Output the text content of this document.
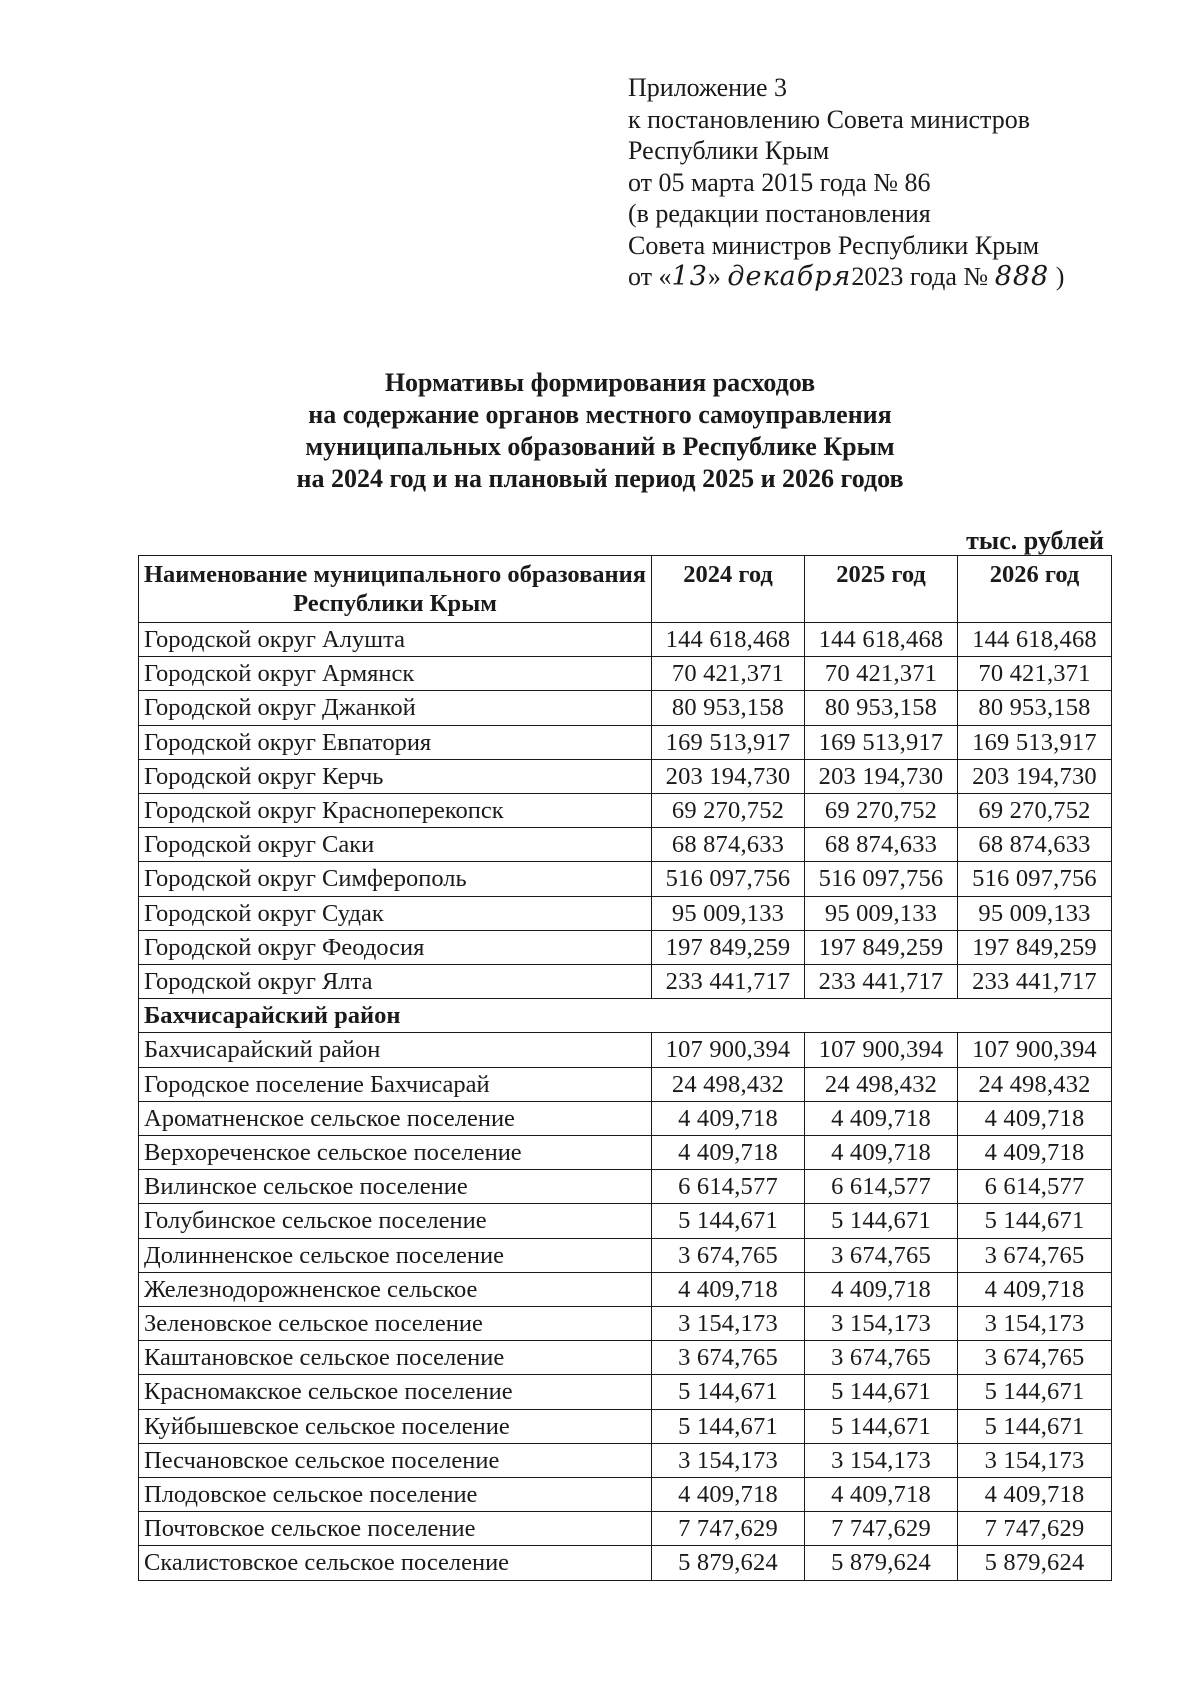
Приложение 3
к постановлению Совета министров
Республики Крым
от 05 марта 2015 года № 86
(в редакции постановления
Совета министров Республики Крым
от «13» декабря2023 года № 888 )
Нормативы формирования расходов
на содержание органов местного самоуправления
муниципальных образований в Республике Крым
на 2024 год и на плановый период 2025 и 2026 годов
тыс. рублей
Наименование муниципального образования Республики Крым	2024 год	2025 год	2026 год
Городской округ Алушта	144 618,468	144 618,468	144 618,468
Городской округ Армянск	70 421,371	70 421,371	70 421,371
Городской округ Джанкой	80 953,158	80 953,158	80 953,158
Городской округ Евпатория	169 513,917	169 513,917	169 513,917
Городской округ Керчь	203 194,730	203 194,730	203 194,730
Городской округ Красноперекопск	69 270,752	69 270,752	69 270,752
Городской округ Саки	68 874,633	68 874,633	68 874,633
Городской округ Симферополь	516 097,756	516 097,756	516 097,756
Городской округ Судак	95 009,133	95 009,133	95 009,133
Городской округ Феодосия	197 849,259	197 849,259	197 849,259
Городской округ Ялта	233 441,717	233 441,717	233 441,717
Бахчисарайский район			
Бахчисарайский район	107 900,394	107 900,394	107 900,394
Городское поселение Бахчисарай	24 498,432	24 498,432	24 498,432
Ароматненское сельское поселение	4 409,718	4 409,718	4 409,718
Верхореченское сельское поселение	4 409,718	4 409,718	4 409,718
Вилинское сельское поселение	6 614,577	6 614,577	6 614,577
Голубинское сельское поселение	5 144,671	5 144,671	5 144,671
Долинненское сельское поселение	3 674,765	3 674,765	3 674,765
Железнодорожненское сельское	4 409,718	4 409,718	4 409,718
Зеленовское сельское поселение	3 154,173	3 154,173	3 154,173
Каштановское сельское поселение	3 674,765	3 674,765	3 674,765
Красномакское сельское поселение	5 144,671	5 144,671	5 144,671
Куйбышевское сельское поселение	5 144,671	5 144,671	5 144,671
Песчановское сельское поселение	3 154,173	3 154,173	3 154,173
Плодовское сельское поселение	4 409,718	4 409,718	4 409,718
Почтовское сельское поселение	7 747,629	7 747,629	7 747,629
Скалистовское сельское поселение	5 879,624	5 879,624	5 879,624
